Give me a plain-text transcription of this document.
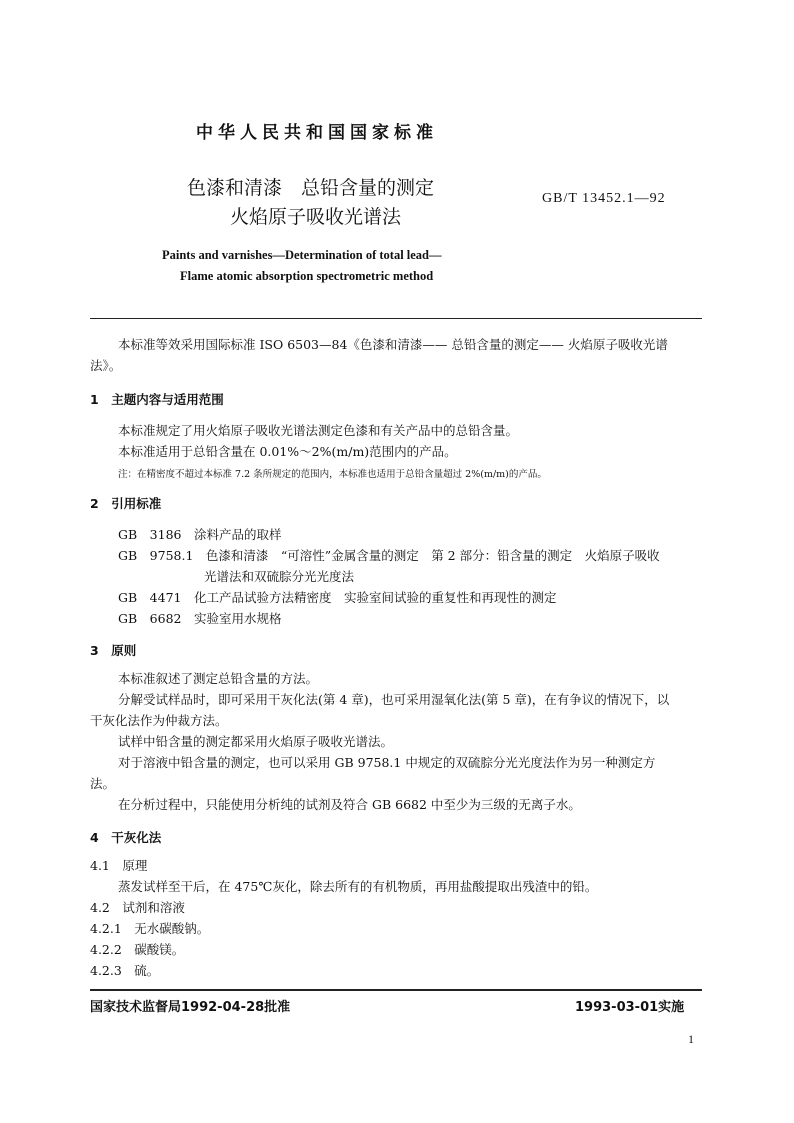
中华人民共和国国家标准
色漆和清漆　总铅含量的测定
火焰原子吸收光谱法
GB/T 13452.1—92
Paints and varnishes—Determination of total lead—
Flame atomic absorption spectrometric method
本标准等效采用国际标准 ISO 6503—84《色漆和清漆—— 总铅含量的测定—— 火焰原子吸收光谱
法》。
1　主题内容与适用范围
本标准规定了用火焰原子吸收光谱法测定色漆和有关产品中的总铅含量。
本标准适用于总铅含量在 0.01%～2%(m/m)范围内的产品。
注：在精密度不超过本标准 7.2 条所规定的范围内，本标准也适用于总铅含量超过 2%(m/m)的产品。
2　引用标准
GB　3186　涂料产品的取样
GB　9758.1　色漆和清漆　“可溶性”金属含量的测定　第 2 部分：铅含量的测定　火焰原子吸收
光谱法和双硫腙分光光度法
GB　4471　化工产品试验方法精密度　实验室间试验的重复性和再现性的测定
GB　6682　实验室用水规格
3　原则
本标准叙述了测定总铅含量的方法。
分解受试样品时，即可采用干灰化法(第 4 章)，也可采用湿氧化法(第 5 章)，在有争议的情况下，以
干灰化法作为仲裁方法。
试样中铅含量的测定都采用火焰原子吸收光谱法。
对于溶液中铅含量的测定，也可以采用 GB 9758.1 中规定的双硫腙分光光度法作为另一种测定方
法。
在分析过程中，只能使用分析纯的试剂及符合 GB 6682 中至少为三级的无离子水。
4　干灰化法
4.1　原理
蒸发试样至干后，在 475℃灰化，除去所有的有机物质，再用盐酸提取出残渣中的铅。
4.2　试剂和溶液
4.2.1　无水碳酸钠。
4.2.2　碳酸镁。
4.2.3　硫。
国家技术监督局1992-04-28批准	1993-03-01实施
1
